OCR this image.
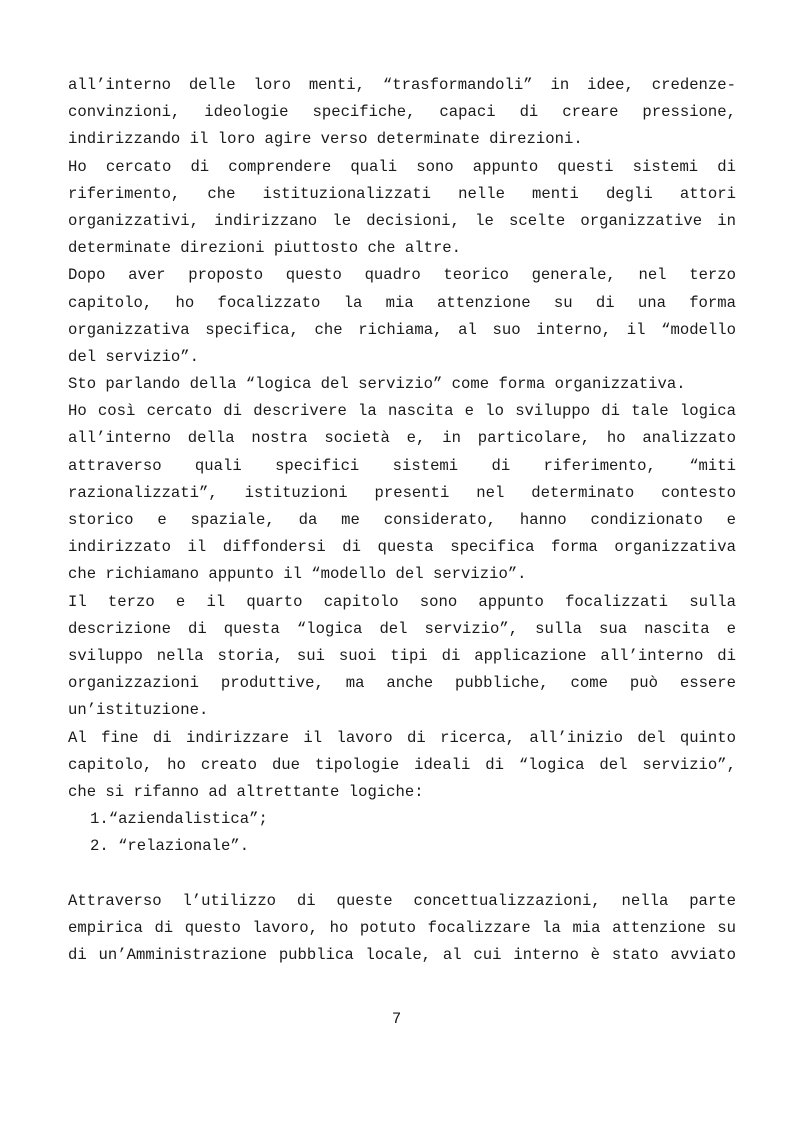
all’interno delle loro menti, “trasformandoli” in idee, credenze-
convinzioni, ideologie specifiche, capaci di creare pressione,
indirizzando il loro agire verso determinate direzioni.
Ho cercato di comprendere quali sono appunto questi sistemi di
riferimento, che istituzionalizzati nelle menti degli attori
organizzativi, indirizzano le decisioni, le scelte organizzative in
determinate direzioni piuttosto che altre.
Dopo aver proposto questo quadro teorico generale, nel terzo
capitolo, ho focalizzato la mia attenzione su di una forma
organizzativa specifica, che richiama, al suo interno, il “modello
del servizio”.
Sto parlando della “logica del servizio” come forma organizzativa.
Ho così cercato di descrivere la nascita e lo sviluppo di tale logica
all’interno della nostra società e, in particolare, ho analizzato
attraverso quali specifici sistemi di riferimento, “miti
razionalizzati”, istituzioni presenti nel determinato contesto
storico e spaziale, da me considerato, hanno condizionato e
indirizzato il diffondersi di questa specifica forma organizzativa
che richiamano appunto il “modello del servizio”.
Il terzo e il quarto capitolo sono appunto focalizzati sulla
descrizione di questa “logica del servizio”, sulla sua nascita e
sviluppo nella storia, sui suoi tipi di applicazione all’interno di
organizzazioni produttive, ma anche pubbliche, come può essere
un’istituzione.
Al fine di indirizzare il lavoro di ricerca, all’inizio del quinto
capitolo, ho creato due tipologie ideali di “logica del servizio”,
che si rifanno ad altrettante logiche:
1.“aziendalistica”;
2. “relazionale”.
Attraverso l’utilizzo di queste concettualizzazioni, nella parte
empirica di questo lavoro, ho potuto focalizzare la mia attenzione su
di un’Amministrazione pubblica locale, al cui interno è stato avviato
7
